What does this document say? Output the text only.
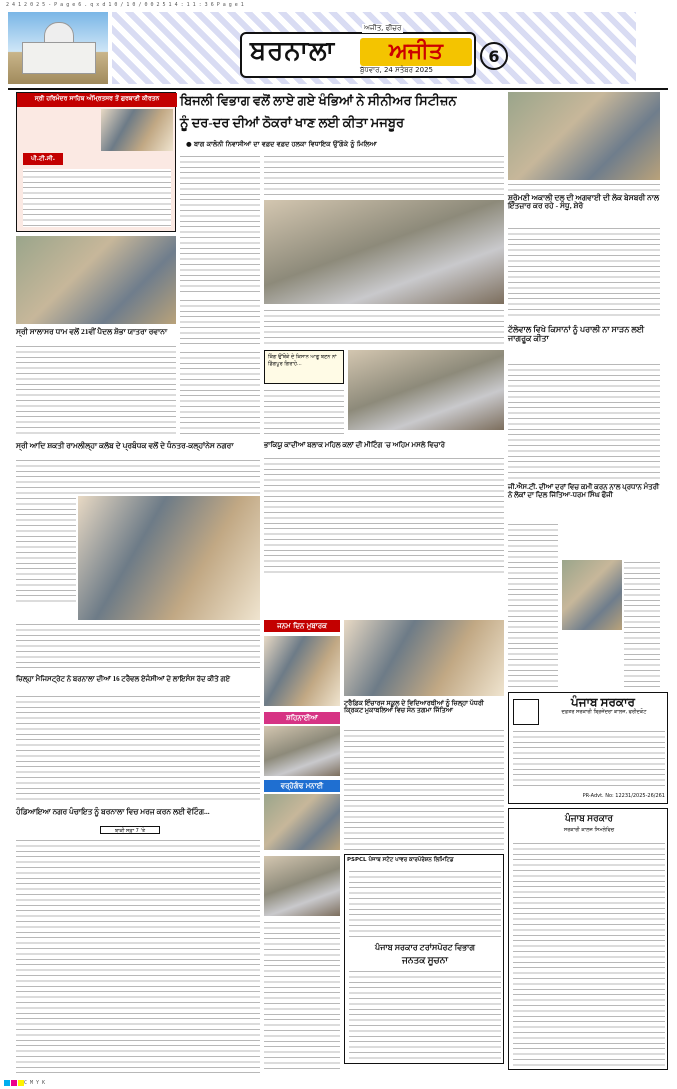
2 4 1 2 0 2 5 - P a g e 6 . q x d 1 0 / 1 0 / 0 0 2 5 1 4 : 1 1 : 3 6 P a g e 1
ਬਰਨਾਲਾ
ਅਜੀਤ, ਫੀਚਰ
ਅਜੀਤ
ਬੁੱਧਵਾਰ, 24 ਸਤੰਬਰ 2025
6
ਸ੍ਰੀ ਹਰਿਮੰਦਰ ਸਾਹਿਬ ਅੰਮ੍ਰਿਤਸਰ ਤੋਂ ਗੁਰਬਾਣੀ ਕੀਰਤਨ
ਪੀ.ਟੀ.ਸੀ.
ਸ੍ਰੀ ਸਾਲਾਸਰ ਧਾਮ ਵਲੋਂ 21ਵੀਂ ਪੈਦਲ ਸ਼ੋਭਾ ਯਾਤਰਾ ਰਵਾਨਾ
ਬਿਜਲੀ ਵਿਭਾਗ ਵਲੋਂ ਲਾਏ ਗਏ ਖੰਭਿਆਂ ਨੇ ਸੀਨੀਅਰ ਸਿਟੀਜ਼ਨ
ਨੂੰ ਦਰ-ਦਰ ਦੀਆਂ ਠੋਕਰਾਂ ਖਾਣ ਲਈ ਕੀਤਾ ਮਜਬੂਰ
● ਬਾਗ ਕਾਲੋਨੀ ਨਿਵਾਸੀਆਂ ਦਾ ਵਫ਼ਦ ਵਫ਼ਦ ਹਲਕਾ ਵਿਧਾਇਕ ਉੱਗੋਕੇ ਨੂੰ ਮਿਲਿਆ
ਸ਼੍ਰੋਮਣੀ ਅਕਾਲੀ ਦਲ ਦੀ ਅਗਵਾਈ ਦੀ ਲੋਕ ਬੇਸਬਰੀ ਨਾਲ ਇੰਤਜ਼ਾਰ ਕਰ ਰਹੇ - ਸੰਧੂ, ਸ਼ੇਰੋ
ਟੱਲੇਵਾਲ ਵਿਖੇ ਕਿਸਾਨਾਂ ਨੂੰ ਪਰਾਲੀ ਨਾ ਸਾੜਨ ਲਈ ਜਾਗਰੂਕ ਕੀਤਾ
ਕਿੰਗ ਉੱਥੋਂਕੇ ਦੇ ਕਿਸਾਨ ਆਗੂ ਬਣਨ ਨਾਂ ਡਿੱਗਪੂਰ ਗਿਰਾਹੇ...
ਭਾਕਿਯੂ ਕਾਦੀਆਂ ਬਲਾਕ ਮਹਿਲ ਕਲਾਂ ਦੀ ਮੀਟਿੰਗ 'ਚ ਅਹਿਮ ਮਸਲੇ ਵਿਚਾਰੇ
ਸ੍ਰੀ ਆਦਿ ਸ਼ਕਤੀ ਰਾਮਲੀਲ੍ਹਾ ਕਲੱਬ ਦੇ ਪ੍ਰਬੰਧਕ ਵਲੋਂ ਦੇ ਧੰਨਤਰ-ਕਲ੍ਹਾਂਨੇਸ ਨਗਰਾ
ਜੀ.ਐਸ.ਟੀ. ਦੀਆਂ ਦਰਾਂ ਵਿਚ ਕਮੀ ਕਰਨ ਨਾਲ ਪ੍ਰਧਾਨ ਮੰਤਰੀ ਨੇ ਲੋਕਾਂ ਦਾ ਦਿਲ ਜਿੱਤਿਆ-ਧਰਮ ਸਿੰਘ ਫੌਜੀ
ਜਨਮ ਦਿਨ ਮੁਬਾਰਕ
ਸ਼ਹਿਨਾਈਆਂ
ਵਰ੍ਹੇਗੰਢ ਮਨਾਈ
ਟਰੈਫ਼ਿਕ ਇੰਚਾਰਜ ਸਕੂਲ ਦੇ ਵਿਦਿਆਰਥੀਆਂ ਨੂੰ ਜ਼ਿਲ੍ਹਾ ਪੱਧਰੀ ਕ੍ਰਿਕਟ ਮੁਕਾਬਲਿਆਂ ਵਿਚ ਸੋਨ ਤਗਮਾ ਜਿੱਤਿਆ
ਜ਼ਿਲ੍ਹਾ ਮੈਜਿਸਟ੍ਰੇਟ ਨੇ ਬਰਨਾਲਾ ਦੀਆਂ 16 ਟਰੈਵਲ ਏਜੰਸੀਆਂ ਦੇ ਲਾਇਸੰਸ ਰੱਦ ਕੀਤੇ ਗਏ
ਹੰਡਿਆਇਆ ਨਗਰ ਪੰਚਾਇਤ ਨੂੰ ਬਰਨਾਲਾ ਵਿਚ ਮਰਜ ਕਰਨ ਲਈ ਵੋਟਿੰਗ...
ਬਾਕੀ ਸਫ਼ਾ 7 'ਤੇ
ਪੰਜਾਬ ਸਰਕਾਰ
ਦਫ਼ਤਰ ਸਰਕਾਰੀ ਬ੍ਰਿਜੇਂਦਰਾ ਕਾਲਜ, ਫਰੀਦਕੋਟ
PR-Advt. No: 12231/2025-26/261
PSPCL ਪੰਜਾਬ ਸਟੇਟ ਪਾਵਰ ਕਾਰਪੋਰੇਸ਼ਨ ਲਿਮਿਟਿਡ
ਪੰਜਾਬ ਸਰਕਾਰ ਟਰਾਂਸਪੋਰਟ ਵਿਭਾਗ
ਜਨਤਕ ਸੂਚਨਾ
ਪੰਜਾਬ ਸਰਕਾਰ
ਸਰਕਾਰੀ ਕਾਲਜ ਸਿਮਲੇਵਿਚ
C M Y K
